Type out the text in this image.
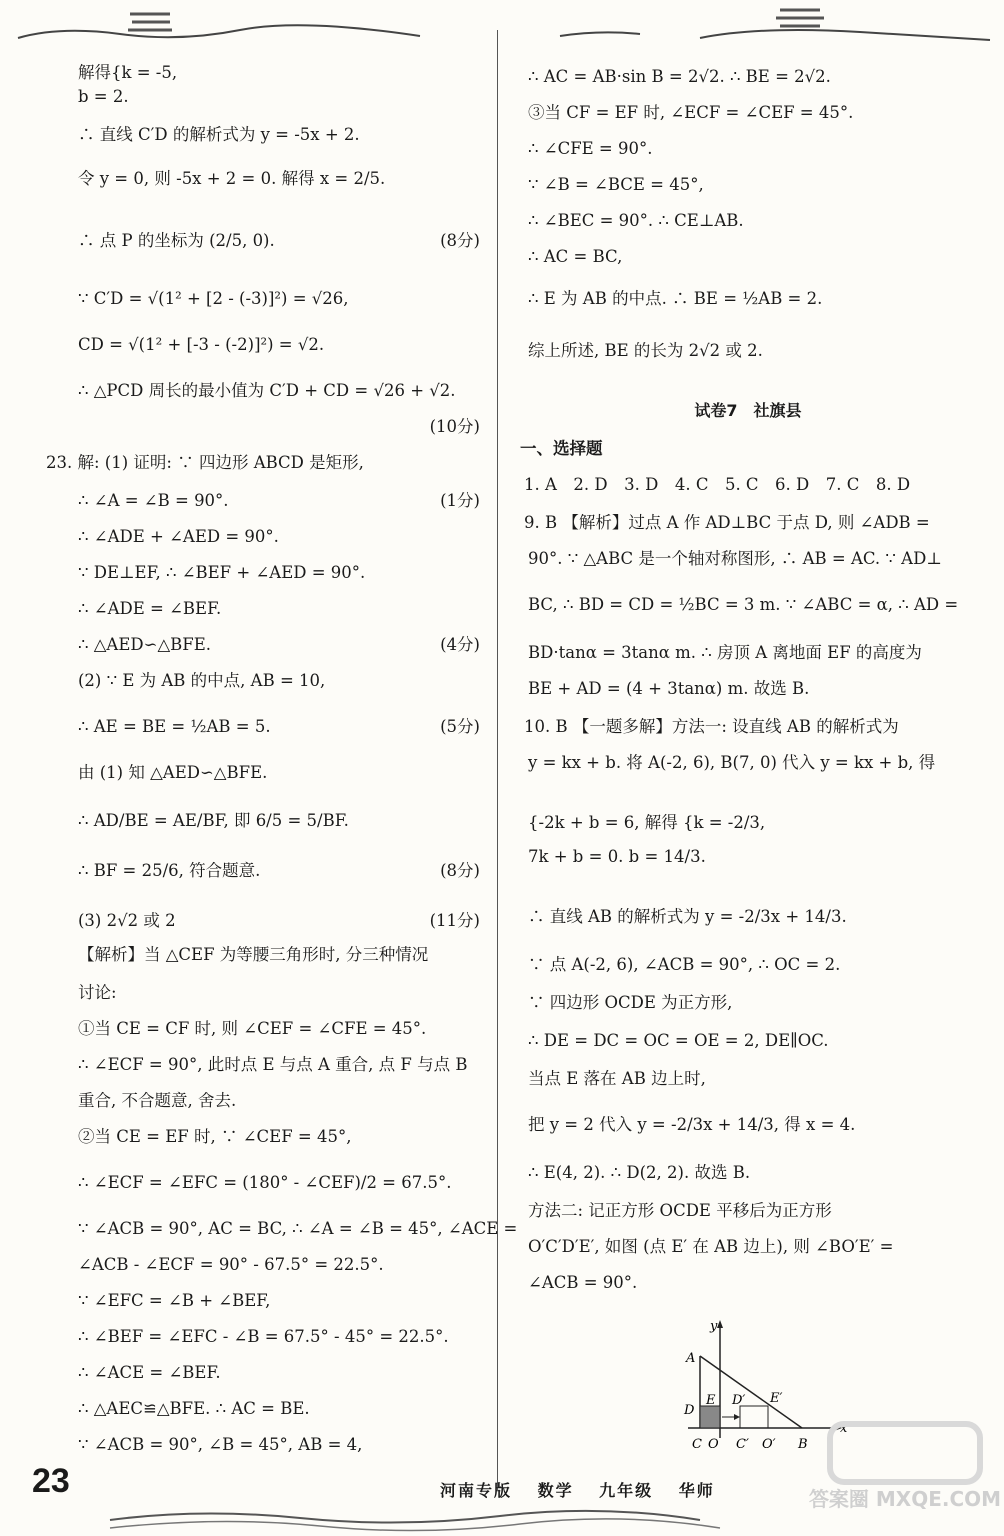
解得{k = -5,
b = 2.
∴ 直线 C′D 的解析式为 y = -5x + 2.
令 y = 0, 则 -5x + 2 = 0. 解得 x = 2/5.
∴ 点 P 的坐标为 (2/5, 0).	(8分)
∵ C′D = √(1² + [2 - (-3)]²) = √26,
CD = √(1² + [-3 - (-2)]²) = √2.
∴ △PCD 周长的最小值为 C′D + CD = √26 + √2.
(10分)
23. 解: (1) 证明: ∵ 四边形 ABCD 是矩形,
∴ ∠A = ∠B = 90°.	(1分)
∴ ∠ADE + ∠AED = 90°.
∵ DE⊥EF, ∴ ∠BEF + ∠AED = 90°.
∴ ∠ADE = ∠BEF.
∴ △AED∽△BFE.	(4分)
(2) ∵ E 为 AB 的中点, AB = 10,
∴ AE = BE = ½AB = 5.	(5分)
由 (1) 知 △AED∽△BFE.
∴ AD/BE = AE/BF, 即 6/5 = 5/BF.
∴ BF = 25/6, 符合题意.	(8分)
(3) 2√2 或 2	(11分)
【解析】当 △CEF 为等腰三角形时, 分三种情况
讨论:
①当 CE = CF 时, 则 ∠CEF = ∠CFE = 45°.
∴ ∠ECF = 90°, 此时点 E 与点 A 重合, 点 F 与点 B
重合, 不合题意, 舍去.
②当 CE = EF 时, ∵ ∠CEF = 45°,
∴ ∠ECF = ∠EFC = (180° - ∠CEF)/2 = 67.5°.
∵ ∠ACB = 90°, AC = BC, ∴ ∠A = ∠B = 45°, ∠ACE =
∠ACB - ∠ECF = 90° - 67.5° = 22.5°.
∵ ∠EFC = ∠B + ∠BEF,
∴ ∠BEF = ∠EFC - ∠B = 67.5° - 45° = 22.5°.
∴ ∠ACE = ∠BEF.
∴ △AEC≌△BFE. ∴ AC = BE.
∵ ∠ACB = 90°, ∠B = 45°, AB = 4,
∴ AC = AB·sin B = 2√2. ∴ BE = 2√2.
③当 CF = EF 时, ∠ECF = ∠CEF = 45°.
∴ ∠CFE = 90°.
∵ ∠B = ∠BCE = 45°,
∴ ∠BEC = 90°. ∴ CE⊥AB.
∴ AC = BC,
∴ E 为 AB 的中点. ∴ BE = ½AB = 2.
综上所述, BE 的长为 2√2 或 2.
试卷7　社旗县
一、选择题
1. A　2. D　3. D　4. C　5. C　6. D　7. C　8. D
9. B 【解析】过点 A 作 AD⊥BC 于点 D, 则 ∠ADB =
90°. ∵ △ABC 是一个轴对称图形, ∴ AB = AC. ∵ AD⊥
BC, ∴ BD = CD = ½BC = 3 m. ∵ ∠ABC = α, ∴ AD =
BD·tanα = 3tanα m. ∴ 房顶 A 离地面 EF 的高度为
BE + AD = (4 + 3tanα) m. 故选 B.
10. B 【一题多解】方法一: 设直线 AB 的解析式为
y = kx + b. 将 A(-2, 6), B(7, 0) 代入 y = kx + b, 得
{-2k + b = 6, 解得 {k = -2/3,
7k + b = 0. b = 14/3.
∴ 直线 AB 的解析式为 y = -2/3x + 14/3.
∵ 点 A(-2, 6), ∠ACB = 90°, ∴ OC = 2.
∵ 四边形 OCDE 为正方形,
∴ DE = DC = OC = OE = 2, DE∥OC.
当点 E 落在 AB 边上时,
把 y = 2 代入 y = -2/3x + 14/3, 得 x = 4.
∴ E(4, 2). ∴ D(2, 2). 故选 B.
方法二: 记正方形 OCDE 平移后为正方形
O′C′D′E′, 如图 (点 E′ 在 AB 边上), 则 ∠BO′E′ =
∠ACB = 90°.
y
A
D
E D′ E′
x
C O C′ O′ B
23	河南专版 数学 九年级 华师	答案圈 MXQE.COM
